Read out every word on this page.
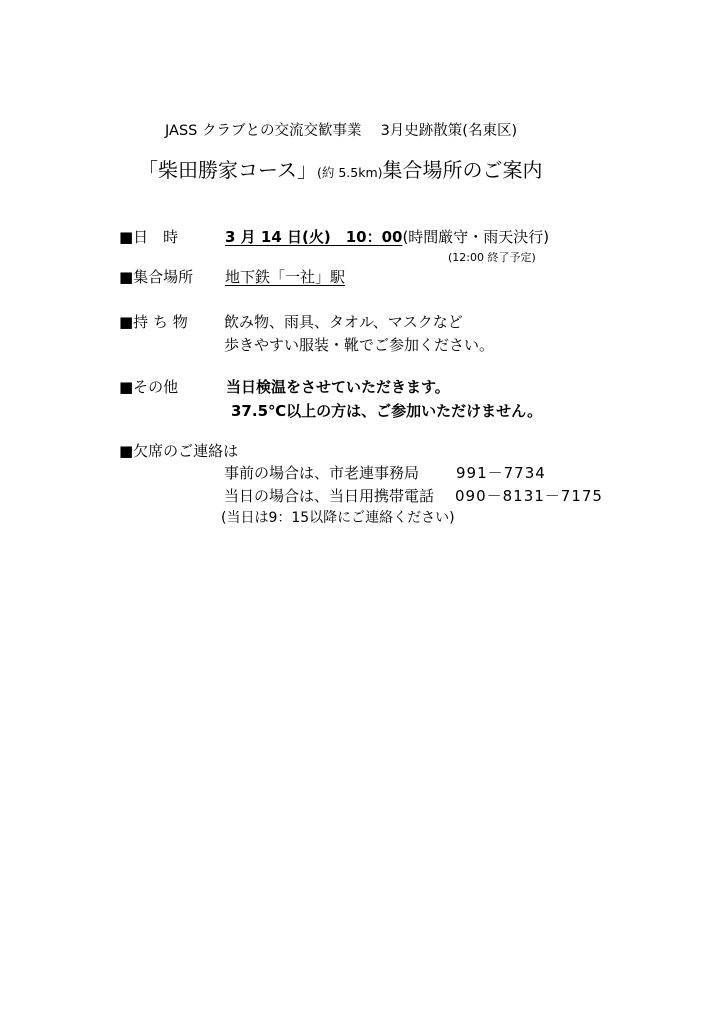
JASS クラブとの交流交歓事業　 3月史跡散策(名東区)
「柴田勝家コース」(約 5.5km)集合場所のご案内
■日　時	3 月 14 日(火)　10：00(時間厳守・雨天決行)
(12:00 終了予定)
■集合場所 地下鉄「一社」駅
■持 ち 物 飲み物、雨具、タオル、マスクなど
歩きやすい服装・靴でご参加ください。
■その他	当日検温をさせていただきます。
37.5℃以上の方は、ご参加いただけません。
■欠席のご連絡は
事前の場合は、市老連事務局 991－7734
当日の場合は、当日用携帯電話 090－8131－7175
(当日は9：15以降にご連絡ください)
